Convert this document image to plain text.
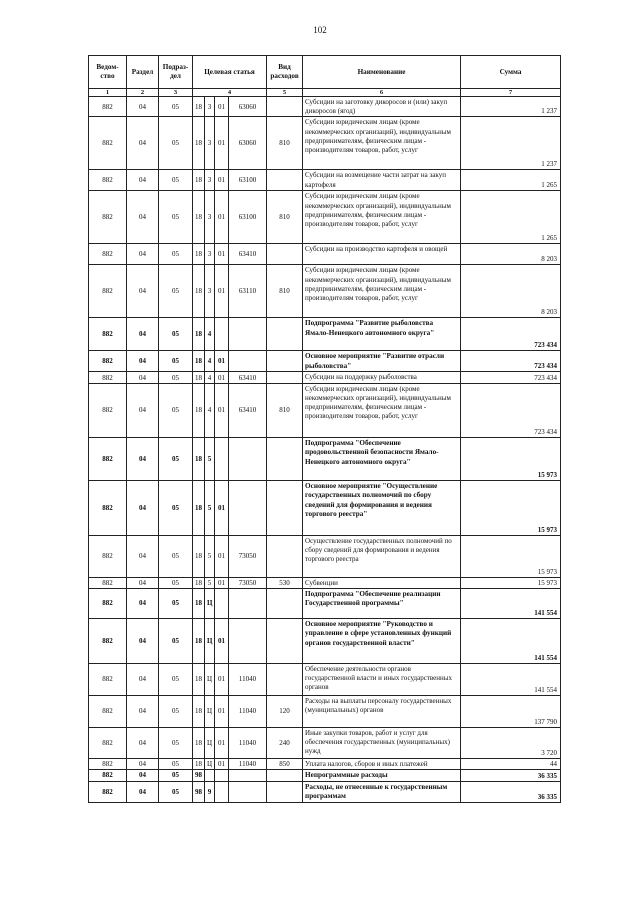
102
Ведом-ство	Раздел	Подраз-дел	Целевая статья				Вид расходов	Наименование	Сумма
1	2	3	4				5	6	7
882	04	05	18	3	01	63060		Субсидии на заготовку дикоросов и (или) закуп дикоросов (ягод)	1 237
882	04	05	18	3	01	63060	810	Субсидии юридическим лицам (кроме некоммерческих организаций), индивидуальным предпринимателям, физическим лицам - производителям товаров, работ, услуг	1 237
882	04	05	18	3	01	63100		Субсидии на возмещение части затрат на закуп картофеля	1 265
882	04	05	18	3	01	63100	810	Субсидии юридическим лицам (кроме некоммерческих организаций), индивидуальным предпринимателям, физическим лицам - производителям товаров, работ, услуг	1 265
882	04	05	18	3	01	63410		Субсидии на производство картофеля и овощей	8 203
882	04	05	18	3	01	63110	810	Субсидии юридическим лицам (кроме некоммерческих организаций), индивидуальным предпринимателям, физическим лицам - производителям товаров, работ, услуг	8 203
882	04	05	18	4				Подпрограмма "Развитие рыболовства Ямало-Ненецкого автономного округа"	723 434
882	04	05	18	4	01			Основное мероприятие "Развитие отрасли рыболовства"	723 434
882	04	05	18	4	01	63410		Субсидии на поддержку рыболовства	723 434
882	04	05	18	4	01	63410	810	Субсидии юридическим лицам (кроме некоммерческих организаций), индивидуальным предпринимателям, физическим лицам - производителям товаров, работ, услуг	723 434
882	04	05	18	5				Подпрограмма "Обеспечение продовольственной безопасности Ямало-Ненецкого автономного округа"	15 973
882	04	05	18	5	01			Основное мероприятие "Осуществление государственных полномочий по сбору сведений для формирования и ведения торгового реестра"	15 973
882	04	05	18	5	01	73050		Осуществление государственных полномочий по сбору сведений для формирования и ведения торгового реестра	15 973
882	04	05	18	5	01	73050	530	Субвенции	15 973
882	04	05	18	Ц				Подпрограмма "Обеспечение реализации Государственной программы"	141 554
882	04	05	18	Ц	01			Основное мероприятие "Руководство и управление в сфере установленных функций органов государственной власти"	141 554
882	04	05	18	Ц	01	11040		Обеспечение деятельности органов государственной власти и иных государственных органов	141 554
882	04	05	18	Ц	01	11040	120	Расходы на выплаты персоналу государственных (муниципальных) органов	137 790
882	04	05	18	Ц	01	11040	240	Иные закупки товаров, работ и услуг для обеспечения государственных (муниципальных) нужд	3 720
882	04	05	18	Ц	01	11040	850	Уплата налогов, сборов и иных платежей	44
882	04	05	98					Непрограммные расходы	36 335
882	04	05	98	9				Расходы, не отнесенные к государственным программам	36 335
